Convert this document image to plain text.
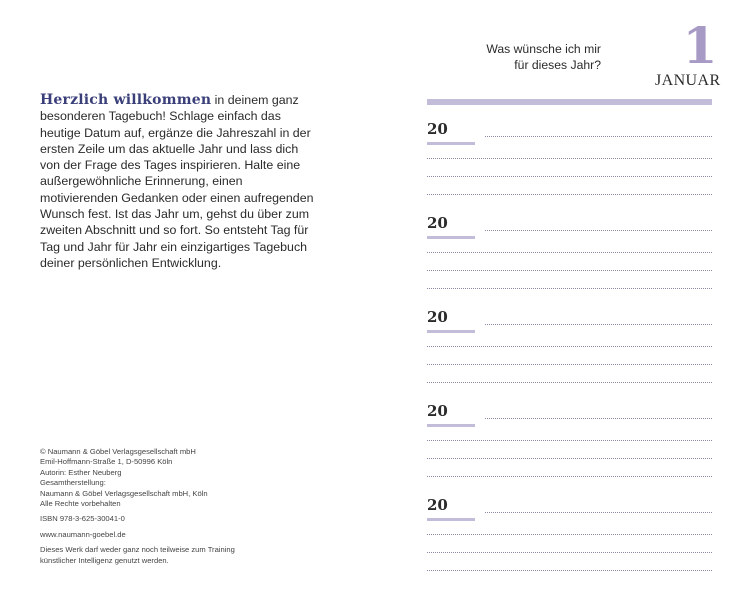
Herzlich willkommen in deinem ganz besonderen Tagebuch! Schlage einfach das heutige Datum auf, ergänze die Jahreszahl in der ersten Zeile um das aktuelle Jahr und lass dich von der Frage des Tages inspirieren. Halte eine außergewöhnliche Erinnerung, einen motivierenden Gedanken oder einen aufregenden Wunsch fest. Ist das Jahr um, gehst du über zum zweiten Abschnitt und so fort. So entsteht Tag für Tag und Jahr für Jahr ein einzigartiges Tagebuch deiner persönlichen Entwicklung.

© Naumann & Göbel Verlagsgesellschaft mbH
Emil-Hoffmann-Straße 1, D-50996 Köln
Autorin: Esther Neuberg
Gesamtherstellung:
Naumann & Göbel Verlagsgesellschaft mbH, Köln
Alle Rechte vorbehalten
ISBN 978-3-625-30041-0
www.naumann-goebel.de
Dieses Werk darf weder ganz noch teilweise zum Training
künstlicher Intelligenz genutzt werden.
Was wünsche ich mir
für dieses Jahr? 1
JANUAR
20
20
20
20
20
